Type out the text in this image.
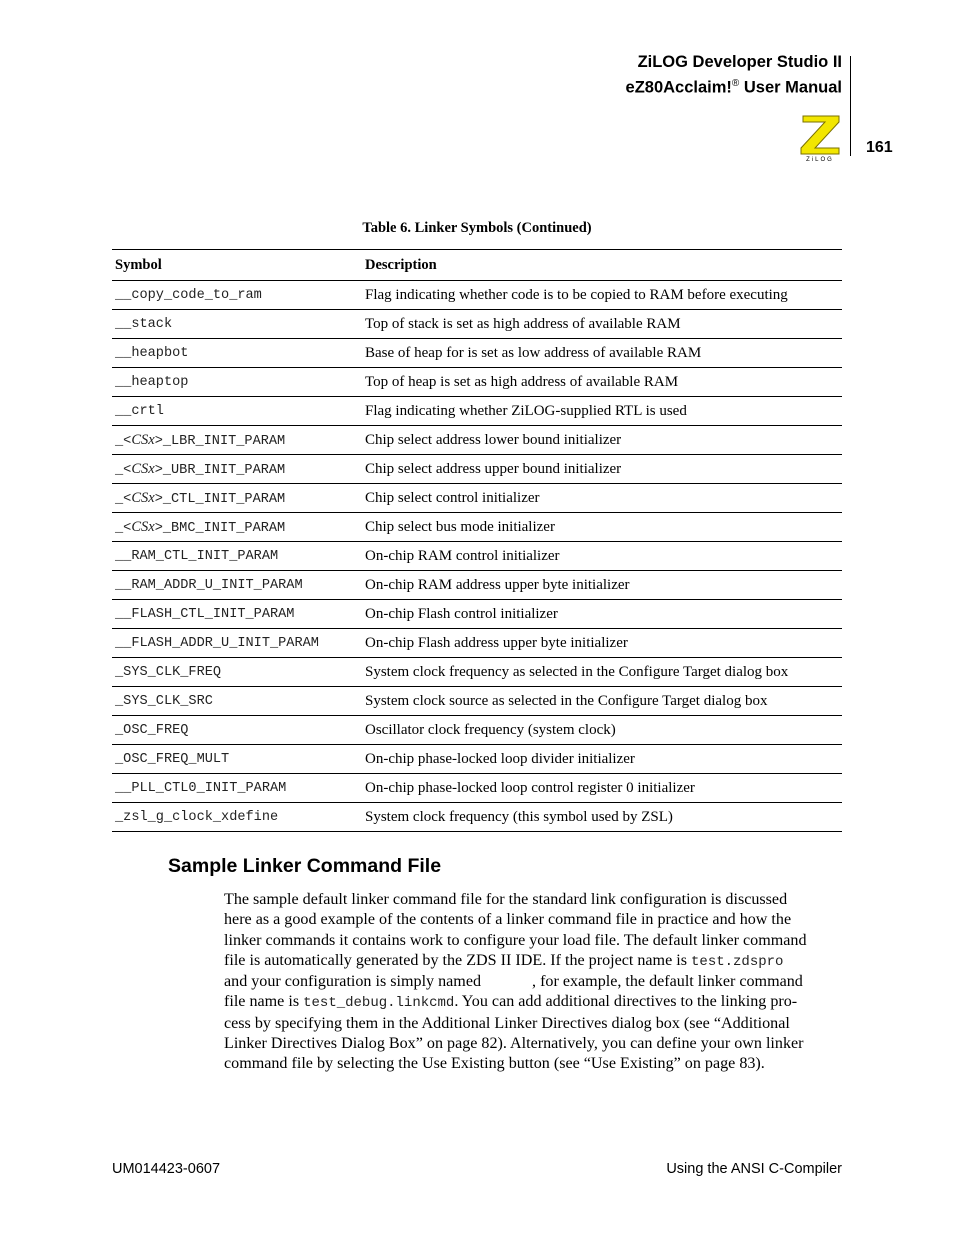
ZiLOG Developer Studio II
eZ80Acclaim!® User Manual
ZiLOG
161
Table 6. Linker Symbols (Continued)
Symbol	Description
__copy_code_to_ram	Flag indicating whether code is to be copied to RAM before executing
__stack	Top of stack is set as high address of available RAM
__heapbot	Base of heap for is set as low address of available RAM
__heaptop	Top of heap is set as high address of available RAM
__crtl	Flag indicating whether ZiLOG-supplied RTL is used
_<CSx>_LBR_INIT_PARAM	Chip select address lower bound initializer
_<CSx>_UBR_INIT_PARAM	Chip select address upper bound initializer
_<CSx>_CTL_INIT_PARAM	Chip select control initializer
_<CSx>_BMC_INIT_PARAM	Chip select bus mode initializer
__RAM_CTL_INIT_PARAM	On-chip RAM control initializer
__RAM_ADDR_U_INIT_PARAM	On-chip RAM address upper byte initializer
__FLASH_CTL_INIT_PARAM	On-chip Flash control initializer
__FLASH_ADDR_U_INIT_PARAM	On-chip Flash address upper byte initializer
_SYS_CLK_FREQ	System clock frequency as selected in the Configure Target dialog box
_SYS_CLK_SRC	System clock source as selected in the Configure Target dialog box
_OSC_FREQ	Oscillator clock frequency (system clock)
_OSC_FREQ_MULT	On-chip phase-locked loop divider initializer
__PLL_CTL0_INIT_PARAM	On-chip phase-locked loop control register 0 initializer
_zsl_g_clock_xdefine	System clock frequency (this symbol used by ZSL)
Sample Linker Command File
The sample default linker command file for the standard link configuration is discussed
here as a good example of the contents of a linker command file in practice and how the
linker commands it contains work to configure your load file. The default linker command
file is automatically generated by the ZDS II IDE. If the project name is test.zdspro
and your configuration is simply named	, for example, the default linker command
file name is test_debug.linkcmd. You can add additional directives to the linking pro-
cess by specifying them in the Additional Linker Directives dialog box (see “Additional
Linker Directives Dialog Box” on page 82). Alternatively, you can define your own linker
command file by selecting the Use Existing button (see “Use Existing” on page 83).
UM014423-0607	Using the ANSI C-Compiler
